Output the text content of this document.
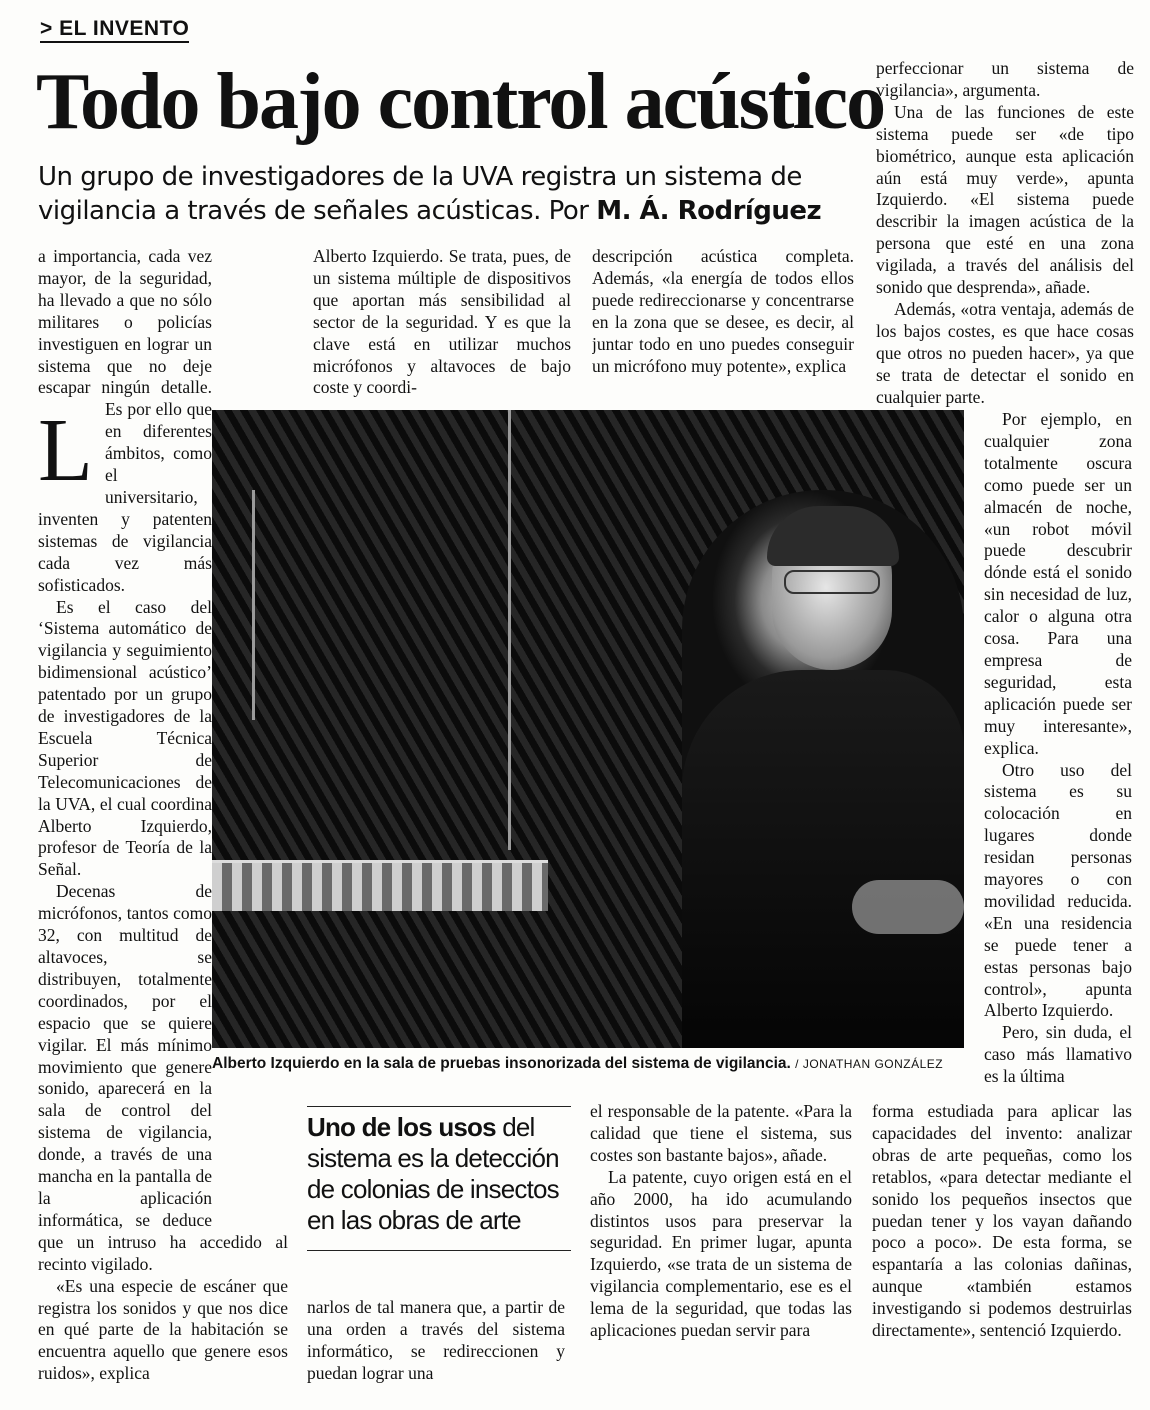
> EL INVENTO
Todo bajo control acústico
Un grupo de investigadores de la UVA registra un sistema de vigilancia a través de señales acústicas. Por M. Á. Rodríguez
L

a importancia, cada vez mayor, de la seguridad, ha llevado a que no sólo militares o policías investiguen en lograr un sistema que no deje escapar ningún detalle. Es por ello que en diferentes ámbitos, como el universitario, inventen y patenten sistemas de vigilancia cada vez más sofisticados.

Es el caso del ‘Sistema automático de vigilancia y seguimiento bidimensional acústico’ patentado por un grupo de investigadores de la Escuela Técnica Superior de Telecomunicaciones de la UVA, el cual coordina Alberto Izquierdo, profesor de Teoría de la Señal.

Decenas de micrófonos, tantos como 32, con multitud de altavoces, se distribuyen, totalmente coordinados, por el espacio que se quiere vigilar. El más mínimo movimiento que genere sonido, aparecerá en la sala de control del sistema de vigilancia, donde, a través de una mancha en la pantalla de la aplicación informática, se deduce que un intruso ha accedido al recinto vigilado.

«Es una especie de escáner que registra los sonidos y que nos dice en qué parte de la habitación se encuentra aquello que genere esos ruidos», explica

Alberto Izquierdo. Se trata, pues, de un sistema múltiple de dispositivos que aportan más sensibilidad al sector de la seguridad. Y es que la clave está en utilizar muchos micrófonos y altavoces de bajo coste y coordi-

descripción acústica completa. Además, «la energía de todos ellos puede redireccionarse y concentrarse en la zona que se desee, es decir, al juntar todo en uno puedes conseguir un micrófono muy potente», explica

perfeccionar un sistema de vigilancia», argumenta.

Una de las funciones de este sistema puede ser «de tipo biométrico, aunque esta aplicación aún está muy verde», apunta Izquierdo. «El sistema puede describir la imagen acústica de la persona que esté en una zona vigilada, a través del análisis del sonido que desprenda», añade.

Además, «otra ventaja, además de los bajos costes, es que hace cosas que otros no pueden hacer», ya que se trata de detectar el sonido en cualquier parte.

Por ejemplo, en cualquier zona totalmente oscura como puede ser un almacén de noche, «un robot móvil puede descubrir dónde está el sonido sin necesidad de luz, calor o alguna otra cosa. Para una empresa de seguridad, esta aplicación puede ser muy interesante», explica.

Otro uso del sistema es su colocación en lugares donde residan personas mayores o con movilidad reducida. «En una residencia se puede tener a estas personas bajo control», apunta Alberto Izquierdo.

Pero, sin duda, el caso más llamativo es la última

Alberto Izquierdo en la sala de pruebas insonorizada del sistema de vigilancia. / JONATHAN GONZÁLEZ
Uno de los usos del sistema es la detección de colonias de insectos en las obras de arte

narlos de tal manera que, a partir de una orden a través del sistema informático, se redireccionen y puedan lograr una

el responsable de la patente. «Para la calidad que tiene el sistema, sus costes son bastante bajos», añade.

La patente, cuyo origen está en el año 2000, ha ido acumulando distintos usos para preservar la seguridad. En primer lugar, apunta Izquierdo, «se trata de un sistema de vigilancia complementario, ese es el lema de la seguridad, que todas las aplicaciones puedan servir para

forma estudiada para aplicar las capacidades del invento: analizar obras de arte pequeñas, como los retablos, «para detectar mediante el sonido los pequeños insectos que puedan tener y los vayan dañando poco a poco». De esta forma, se espantaría a las colonias dañinas, aunque «también estamos investigando si podemos destruirlas directamente», sentenció Izquierdo.
